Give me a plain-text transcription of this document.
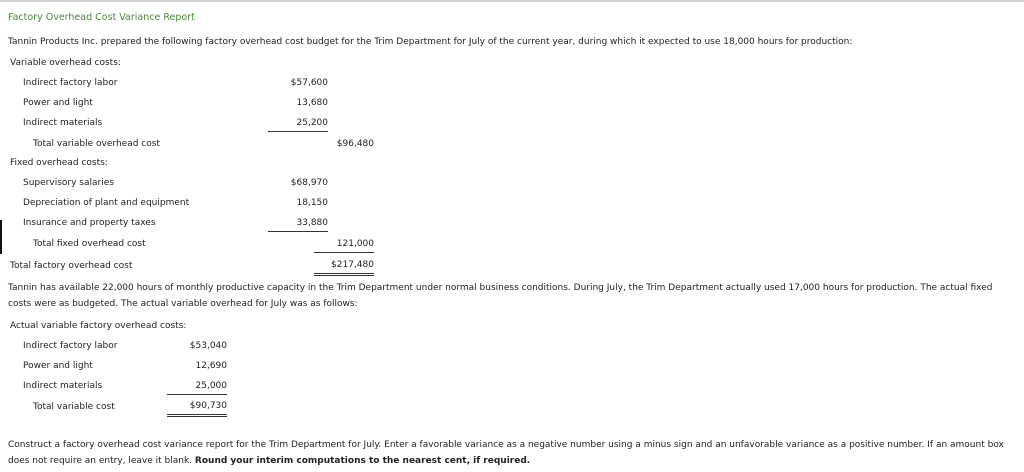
Factory Overhead Cost Variance Report
Tannin Products Inc. prepared the following factory overhead cost budget for the Trim Department for July of the current year, during which it expected to use 18,000 hours for production:
Variable overhead costs:
Indirect factory labor	$57,600
Power and light	13,680
Indirect materials	25,200
Total variable overhead cost	$96,480
Fixed overhead costs:
Supervisory salaries	$68,970
Depreciation of plant and equipment	18,150
Insurance and property taxes	33,880
Total fixed overhead cost	121,000
Total factory overhead cost	$217,480
Tannin has available 22,000 hours of monthly productive capacity in the Trim Department under normal business conditions. During July, the Trim Department actually used 17,000 hours for production. The actual fixed costs were as budgeted. The actual variable overhead for July was as follows:
Actual variable factory overhead costs:
Indirect factory labor	$53,040
Power and light	12,690
Indirect materials	25,000
Total variable cost	$90,730
Construct a factory overhead cost variance report for the Trim Department for July. Enter a favorable variance as a negative number using a minus sign and an unfavorable variance as a positive number. If an amount box does not require an entry, leave it blank. Round your interim computations to the nearest cent, if required.
